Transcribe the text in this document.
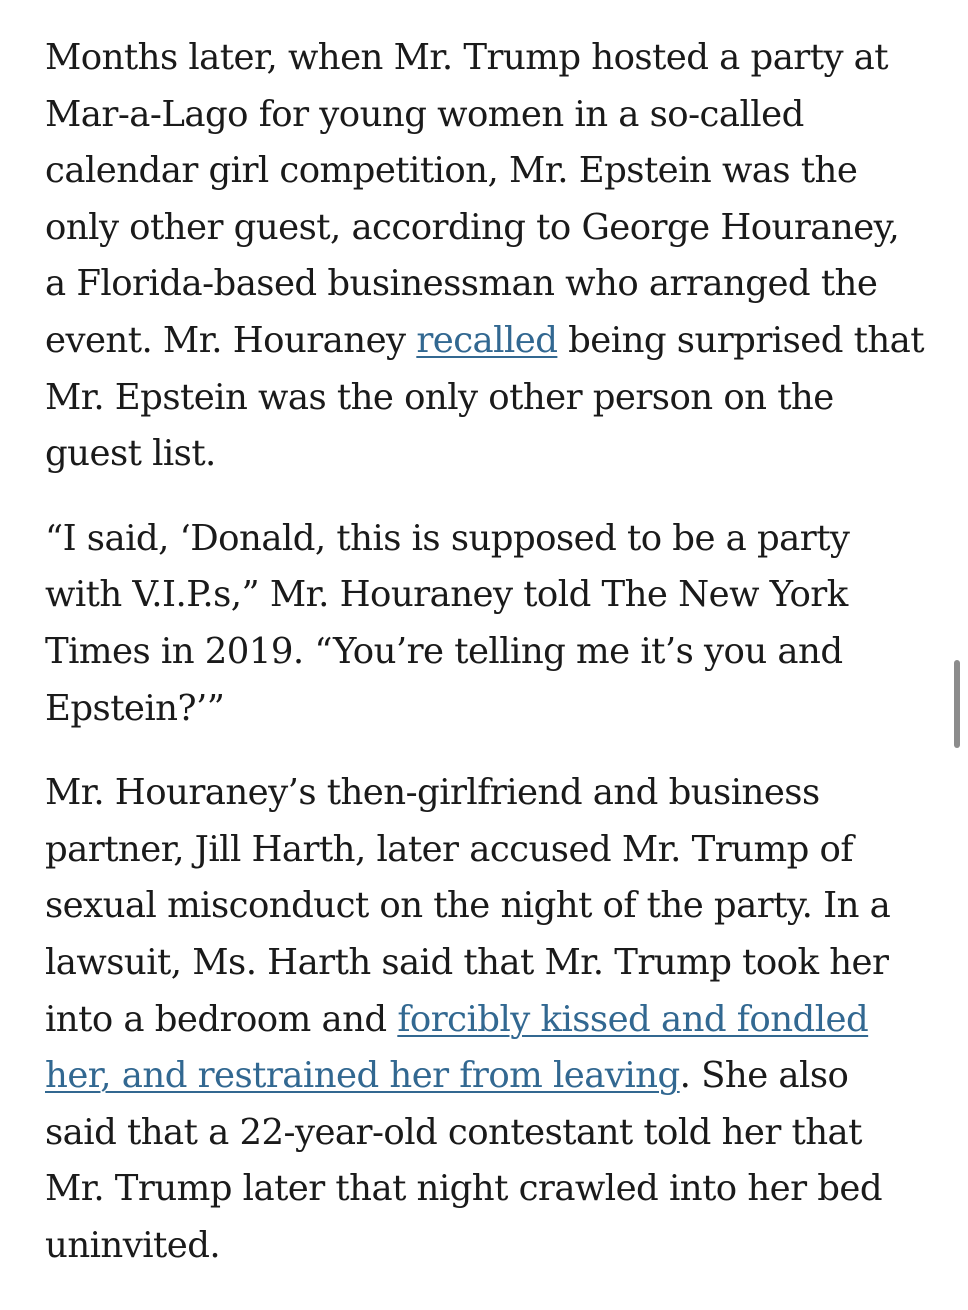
Months later, when Mr. Trump hosted a party at Mar-a-Lago for young women in a so-called calendar girl competition, Mr. Epstein was the only other guest, according to George Houraney, a Florida-based businessman who arranged the event. Mr. Houraney recalled being surprised that Mr. Epstein was the only other person on the guest list.

“I said, ‘Donald, this is supposed to be a party with V.I.P.s,” Mr. Houraney told The New York Times in 2019. “You’re telling me it’s you and Epstein?’”

Mr. Houraney’s then-girlfriend and business partner, Jill Harth, later accused Mr. Trump of sexual misconduct on the night of the party. In a lawsuit, Ms. Harth said that Mr. Trump took her into a bedroom and forcibly kissed and fondled her, and restrained her from leaving. She also said that a 22-year-old contestant told her that Mr. Trump later that night crawled into her bed uninvited.
